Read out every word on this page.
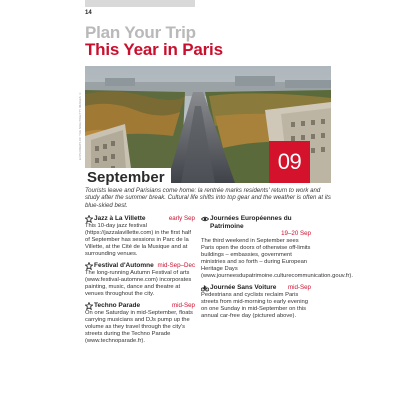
14
Plan Your Trip
This Year in Paris
EXPLORERS OF THE NIGHT/GETTY IMAGES ©
09
September
Tourists leave and Parisians come home: la rentrée marks residents' return to work and study after the summer break. Cultural life shifts into top gear and the weather is often at its blue-skied best.
Jazz à La Villette	early Sep
This 10-day jazz festival (https://jazzalavillette.com) in the first half of September has sessions in Parc de la Villette, at the Cité de la Musique and at surrounding venues.
Festival d'Automne mid-Sep–Dec
The long-running Autumn Festival of arts (www.festival-automne.com) incorporates painting, music, dance and theatre at venues throughout the city.
Techno Parade	mid-Sep
On one Saturday in mid-September, floats carrying musicians and DJs pump up the volume as they travel through the city's streets during the Techno Parade (www.technoparade.fr).
Journées Européennes du Patrimoine
19–20 Sep
The third weekend in September sees Paris open the doors of otherwise off-limits buildings – embassies, government ministries and so forth – during European Heritage Days (www.journeesdupatrimoine.culturecommunication.gouv.fr).
Journée Sans Voiture mid-Sep
Pedestrians and cyclists reclaim Paris streets from mid-morning to early evening on one Sunday in mid-September on this annual car-free day (pictured above).
